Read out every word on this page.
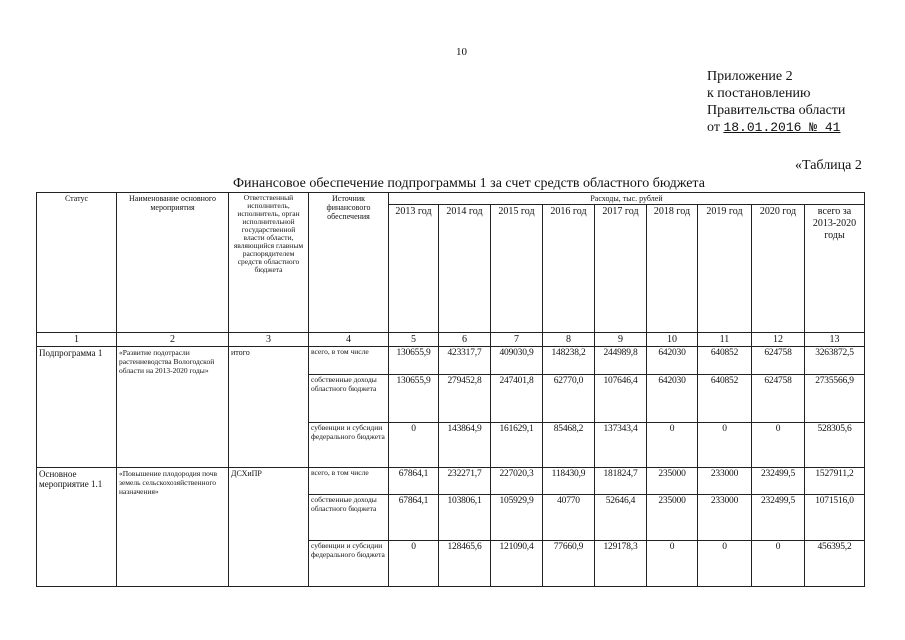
10
Приложение 2
к постановлению
Правительства области
от 18.01.2016 № 41
«Таблица 2
Финансовое обеспечение подпрограммы 1 за счет средств областного бюджета
Статус	Наименование основного мероприятия	Ответственный исполнитель, исполнитель, орган исполнительной государственной власти области, являющийся главным распорядителем средств областного бюджета	Источник финансового обеспечения	Расходы, тыс. рублей								
				2013 год	2014 год	2015 год	2016 год	2017 год	2018 год	2019 год	2020 год	всего за 2013-2020 годы
1	2	3	4	5	6	7	8	9	10	11	12	13
Подпрограмма 1	«Развитие подотрасли растениеводства Вологодской области на 2013-2020 годы»	итого	всего, в том числе	130655,9	423317,7	409030,9	148238,2	244989,8	642030	640852	624758	3263872,5
			собственные доходы областного бюджета	130655,9	279452,8	247401,8	62770,0	107646,4	642030	640852	624758	2735566,9
			субвенции и субсидии федерального бюджета	0	143864,9	161629,1	85468,2	137343,4	0	0	0	528305,6
Основное мероприятие 1.1	«Повышение плодородия почв земель сельскохозяйственного назначения»	ДСХиПР	всего, в том числе	67864,1	232271,7	227020,3	118430,9	181824,7	235000	233000	232499,5	1527911,2
			собственные доходы областного бюджета	67864,1	103806,1	105929,9	40770	52646,4	235000	233000	232499,5	1071516,0
			субвенции и субсидии федерального бюджета	0	128465,6	121090,4	77660,9	129178,3	0	0	0	456395,2
